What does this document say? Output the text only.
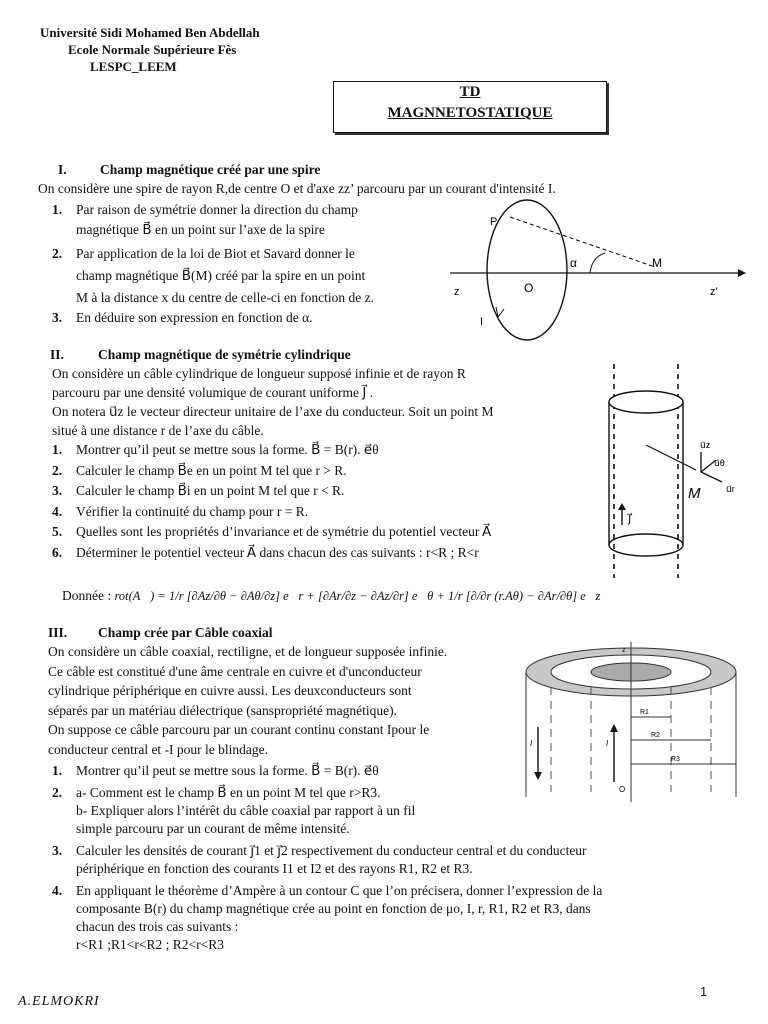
Université Sidi Mohamed Ben Abdellah
Ecole Normale Supérieure Fès
LESPC_LEEM
TD
MAGNNETOSTATIQUE
I. Champ magnétique créé par une spire
On considère une spire de rayon R,de centre O et d'axe zz’ parcouru par un courant d'intensité I.
1. Par raison de symétrie donner la direction du champ
magnétique B⃗ en un point sur l’axe de la spire
2. Par application de la loi de Biot et Savard donner le
champ magnétique B⃗(M) créé par la spire en un point
M à la distance x du centre de celle-ci en fonction de z.
3. En déduire son expression en fonction de α.
P
α	M
z	O	z'
I
II.	Champ magnétique de symétrie cylindrique
On considère un câble cylindrique de longueur supposé infinie et de rayon R
parcouru par une densité volumique de courant uniforme J⃗ .
On notera u⃗z le vecteur directeur unitaire de l’axe du conducteur. Soit un point M
situé à une distance r de l’axe du câble.
1. Montrer qu’il peut se mettre sous la forme. B⃗ = B(r). e⃗θ
2. Calculer le champ B⃗e en un point M tel que r > R.
3. Calculer le champ B⃗i en un point M tel que r < R.
4. Vérifier la continuité du champ pour r = R.
5. Quelles sont les propriétés d’invariance et de symétrie du potentiel vecteur A⃗
6. Déterminer le potentiel vecteur A⃗ dans chacun des cas suivants : r<R ; R<r
u⃗z
u⃗θ
u⃗r
M
j⃗
Donnée : rot(A⃗) = 1/r [∂Az/∂θ − ∂Aθ/∂z] e⃗r + [∂Ar/∂z − ∂Az/∂r] e⃗θ + 1/r [∂/∂r (r.Aθ) − ∂Ar/∂θ] e⃗z
III. Champ crée par Câble coaxial
On considère un câble coaxial, rectiligne, et de longueur supposée infinie.
Ce câble est constitué d'une âme centrale en cuivre et d'unconducteur
cylindrique périphérique en cuivre aussi. Les deuxconducteurs sont
séparés par un matériau diélectrique (sanspropriété magnétique).
On suppose ce câble parcouru par un courant continu constant Ipour le
conducteur central et -I pour le blindage.
1. Montrer qu’il peut se mettre sous la forme. B⃗ = B(r). e⃗θ
2. a- Comment est le champ B⃗ en un point M tel que r>R3.
b- Expliquer alors l’intérêt du câble coaxial par rapport à un fil
simple parcouru par un courant de même intensité.
3. Calculer les densités de courant j⃗1 et j⃗2 respectivement du conducteur central et du conducteur
périphérique en fonction des courants I1 et I2 et des rayons R1, R2 et R3.
4. En appliquant le théorème d’Ampère à un contour C que l’on précisera, donner l’expression de la
composante B(r) du champ magnétique crée au point en fonction de μo, I, r, R1, R2 et R3, dans
chacun des trois cas suivants :
r<R1 ;R1<r<R2 ; R2<r<R3
z
R1
R2
R3
I	I
O
A.ELMOKRI
1
